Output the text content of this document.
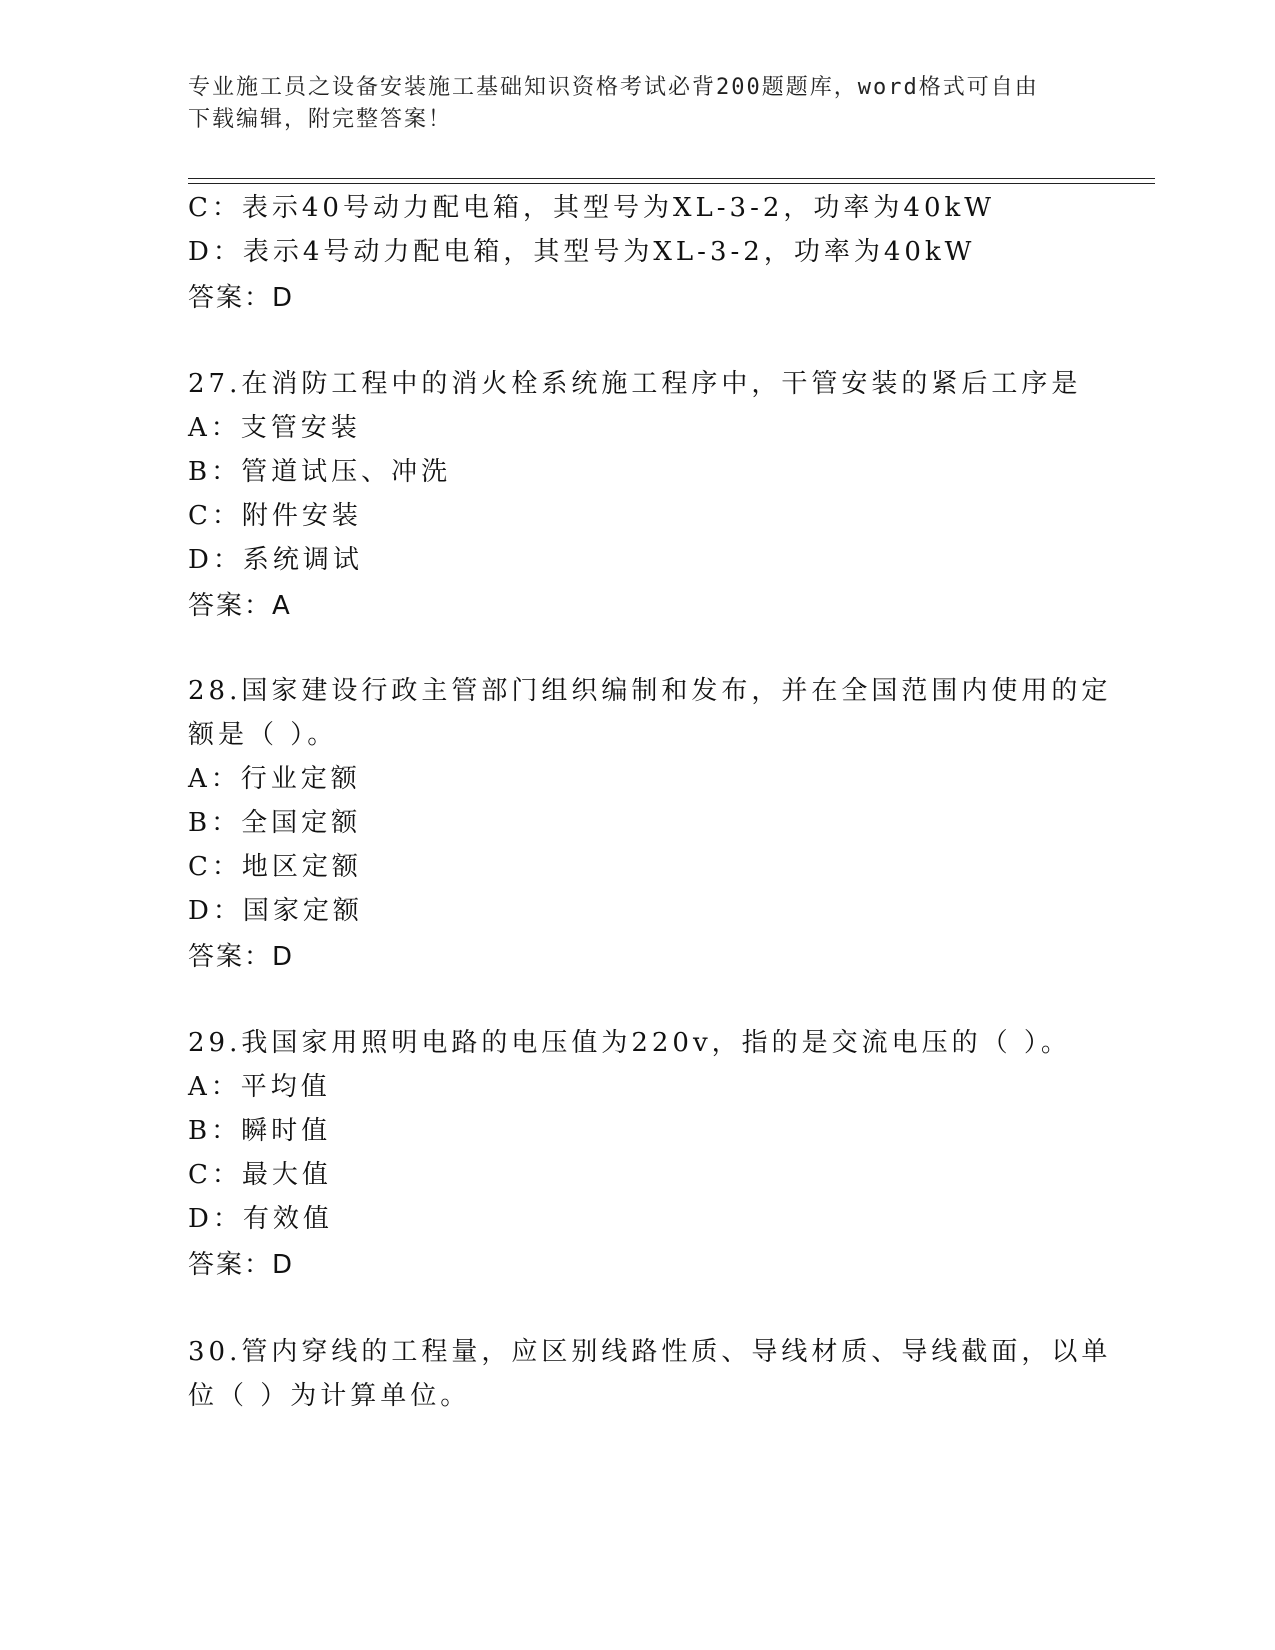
专业施工员之设备安装施工基础知识资格考试必背200题题库，word格式可自由
下载编辑，附完整答案！
C：表示40号动力配电箱，其型号为XL-3-2，功率为40kW
D：表示4号动力配电箱，其型号为XL-3-2，功率为40kW
答案：D
27.在消防工程中的消火栓系统施工程序中，干管安装的紧后工序是
A：支管安装
B：管道试压、冲洗
C：附件安装
D：系统调试
答案：A
28.国家建设行政主管部门组织编制和发布，并在全国范围内使用的定
额是（ ）。
A：行业定额
B：全国定额
C：地区定额
D：国家定额
答案：D
29.我国家用照明电路的电压值为220v，指的是交流电压的（ ）。
A：平均值
B：瞬时值
C：最大值
D：有效值
答案：D
30.管内穿线的工程量，应区别线路性质、导线材质、导线截面，以单
位（ ）为计算单位。
